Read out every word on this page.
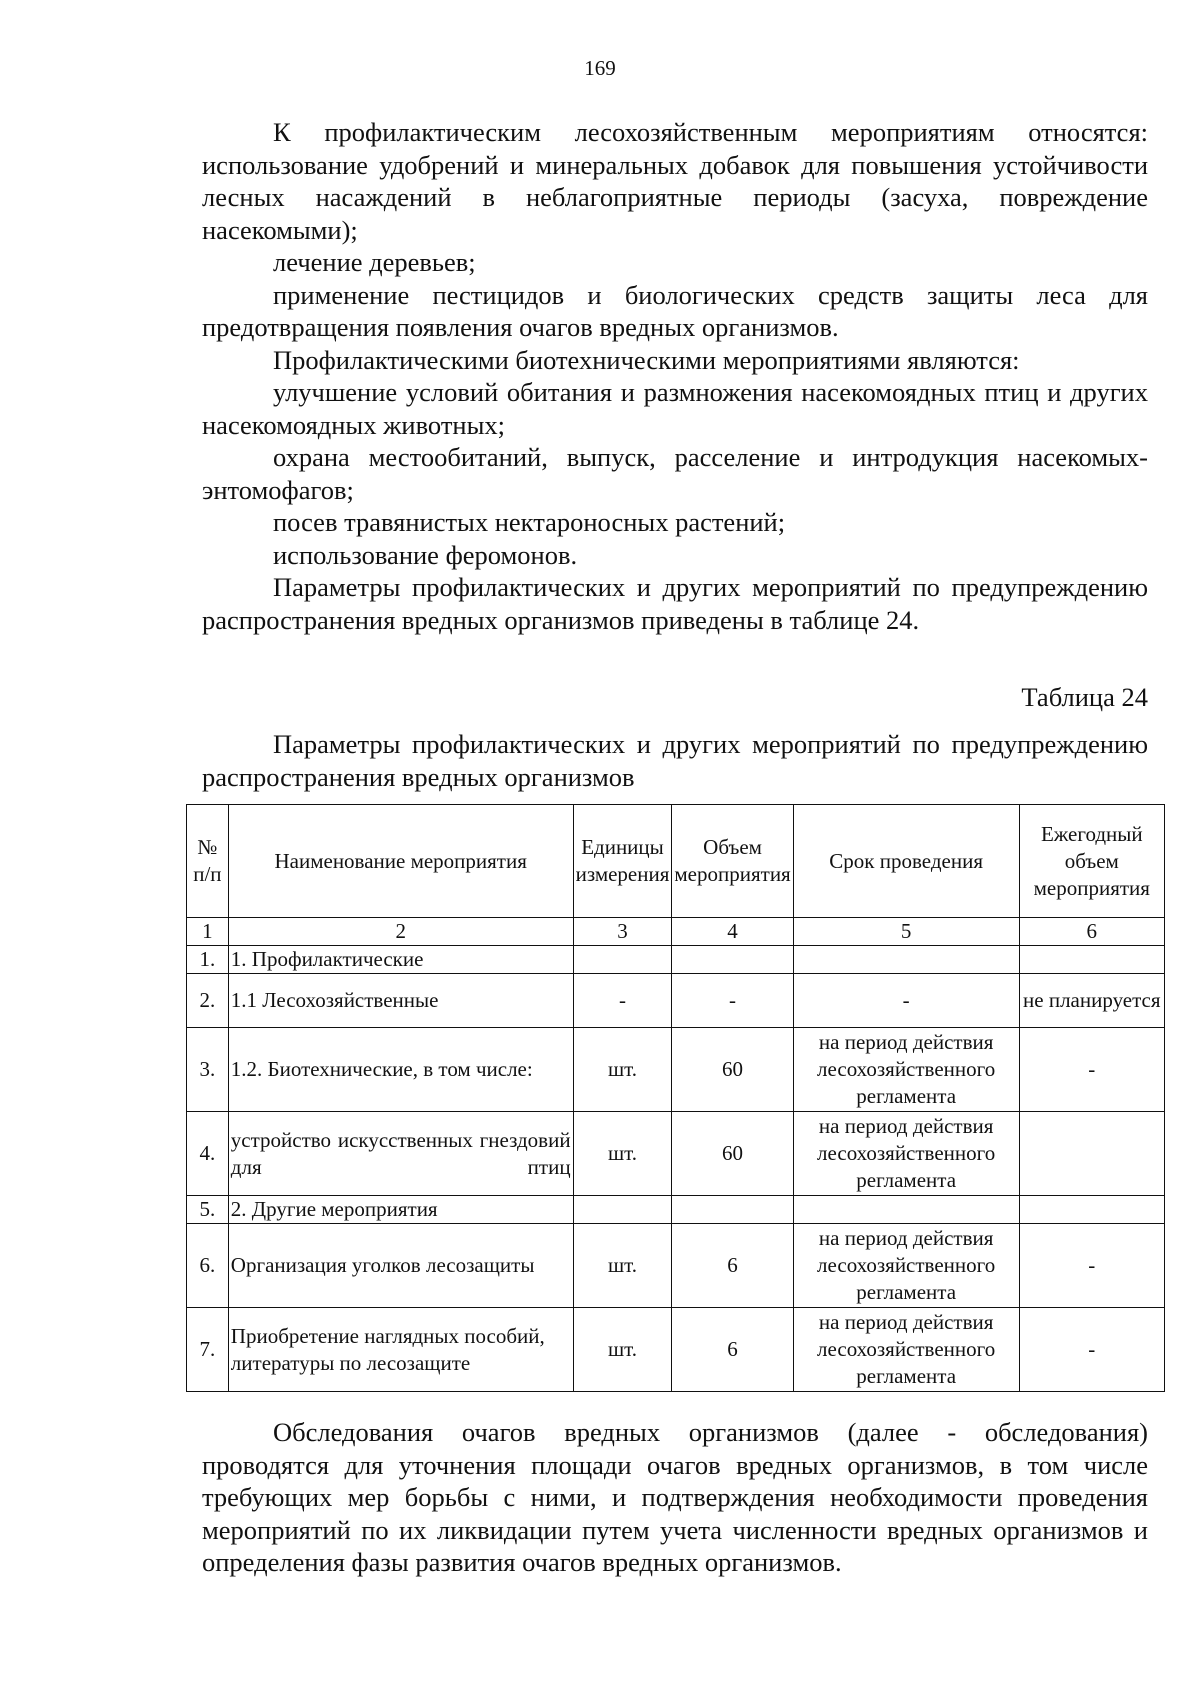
169

К профилактическим лесохозяйственным мероприятиям относятся: использование удобрений и минеральных добавок для повышения устойчивости лесных насаждений в неблагоприятные периоды (засуха, повреждение насекомыми);

лечение деревьев;

применение пестицидов и биологических средств защиты леса для предотвращения появления очагов вредных организмов.

Профилактическими биотехническими мероприятиями являются:

улучшение условий обитания и размножения насекомоядных птиц и других насекомоядных животных;

охрана местообитаний, выпуск, расселение и интродукция насекомых-энтомофагов;

посев травянистых нектароносных растений;

использование феромонов.

Параметры профилактических и других мероприятий по предупреждению распространения вредных организмов приведены в таблице 24.

Таблица 24

Параметры профилактических и других мероприятий по предупреждению распространения вредных организмов

№ п/п	Наименование мероприятия	Единицы измерения	Объем мероприятия	Срок проведения	Ежегодный объем мероприятия
1	2	3	4	5	6
1.	1. Профилактические				
2.	1.1 Лесохозяйственные	-	-	-	не планируется
3.	1.2. Биотехнические, в том числе:	шт.	60	на период действия лесохозяйственного регламента	-
4.	устройство искусственных гнездовий для птиц	шт.	60	на период действия лесохозяйственного регламента	
5.	2. Другие мероприятия				
6.	Организация уголков лесозащиты	шт.	6	на период действия лесохозяйственного регламента	-
7.	Приобретение наглядных пособий, литературы по лесозащите	шт.	6	на период действия лесохозяйственного регламента	-

Обследования очагов вредных организмов (далее - обследования) проводятся для уточнения площади очагов вредных организмов, в том числе требующих мер борьбы с ними, и подтверждения необходимости проведения мероприятий по их ликвидации путем учета численности вредных организмов и определения фазы развития очагов вредных организмов.
